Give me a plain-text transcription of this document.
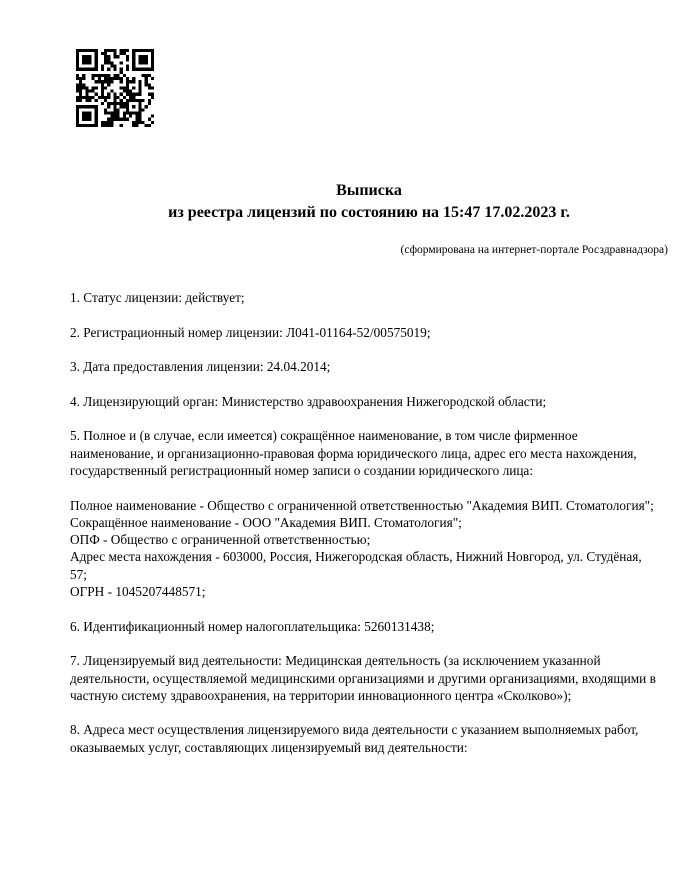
Выписка
из реестра лицензий по состоянию на 15:47 17.02.2023 г.
(сформирована на интернет-портале Росздравнадзора)

1. Статус лицензии: действует;

2. Регистрационный номер лицензии: Л041-01164-52/00575019;

3. Дата предоставления лицензии: 24.04.2014;

4. Лицензирующий орган: Министерство здравоохранения Нижегородской области;

5. Полное и (в случае, если имеется) сокращённое наименование, в том числе фирменное наименование, и организационно-правовая форма юридического лица, адрес его места нахождения, государственный регистрационный номер записи о создании юридического лица:

Полное наименование - Общество с ограниченной ответственностью "Академия ВИП. Стоматология";
Сокращённое наименование - ООО "Академия ВИП. Стоматология";
ОПФ - Общество с ограниченной ответственностью;
Адрес места нахождения - 603000, Россия, Нижегородская область, Нижний Новгород, ул. Студёная, 57;
ОГРН - 1045207448571;

6. Идентификационный номер налогоплательщика: 5260131438;

7. Лицензируемый вид деятельности: Медицинская деятельность (за исключением указанной деятельности, осуществляемой медицинскими организациями и другими организациями, входящими в частную систему здравоохранения, на территории инновационного центра «Сколково»);

8. Адреса мест осуществления лицензируемого вида деятельности с указанием выполняемых работ, оказываемых услуг, составляющих лицензируемый вид деятельности:
